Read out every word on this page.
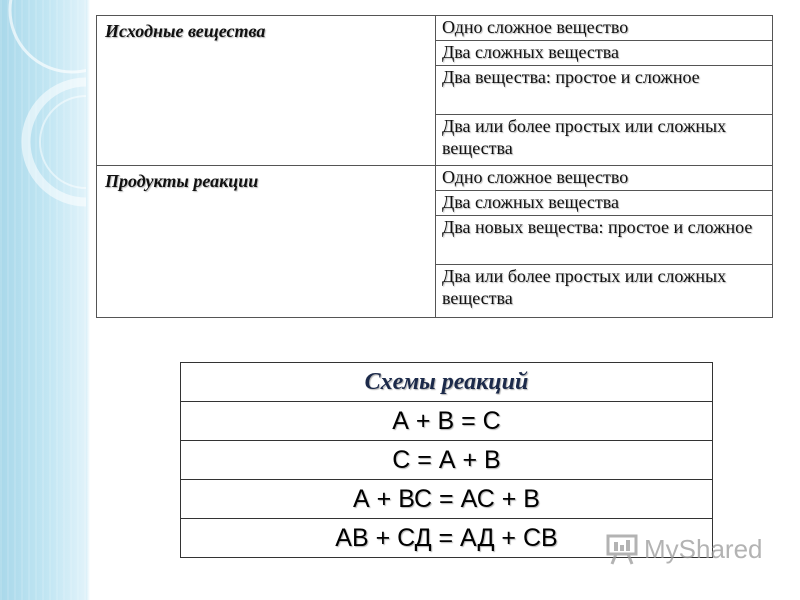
Исходные вещества	Одно сложное вещество
	Два сложных вещества
	Два вещества: простое и сложное
	Два или более простых или сложных вещества
Продукты реакции	Одно сложное вещество
	Два сложных вещества
	Два новых вещества: простое и сложное
	Два или более простых или сложных вещества
Схемы реакций
А + В = С
С = А + В
А + ВС = АС + В
АВ + СД = АД + СВ	MyShared
